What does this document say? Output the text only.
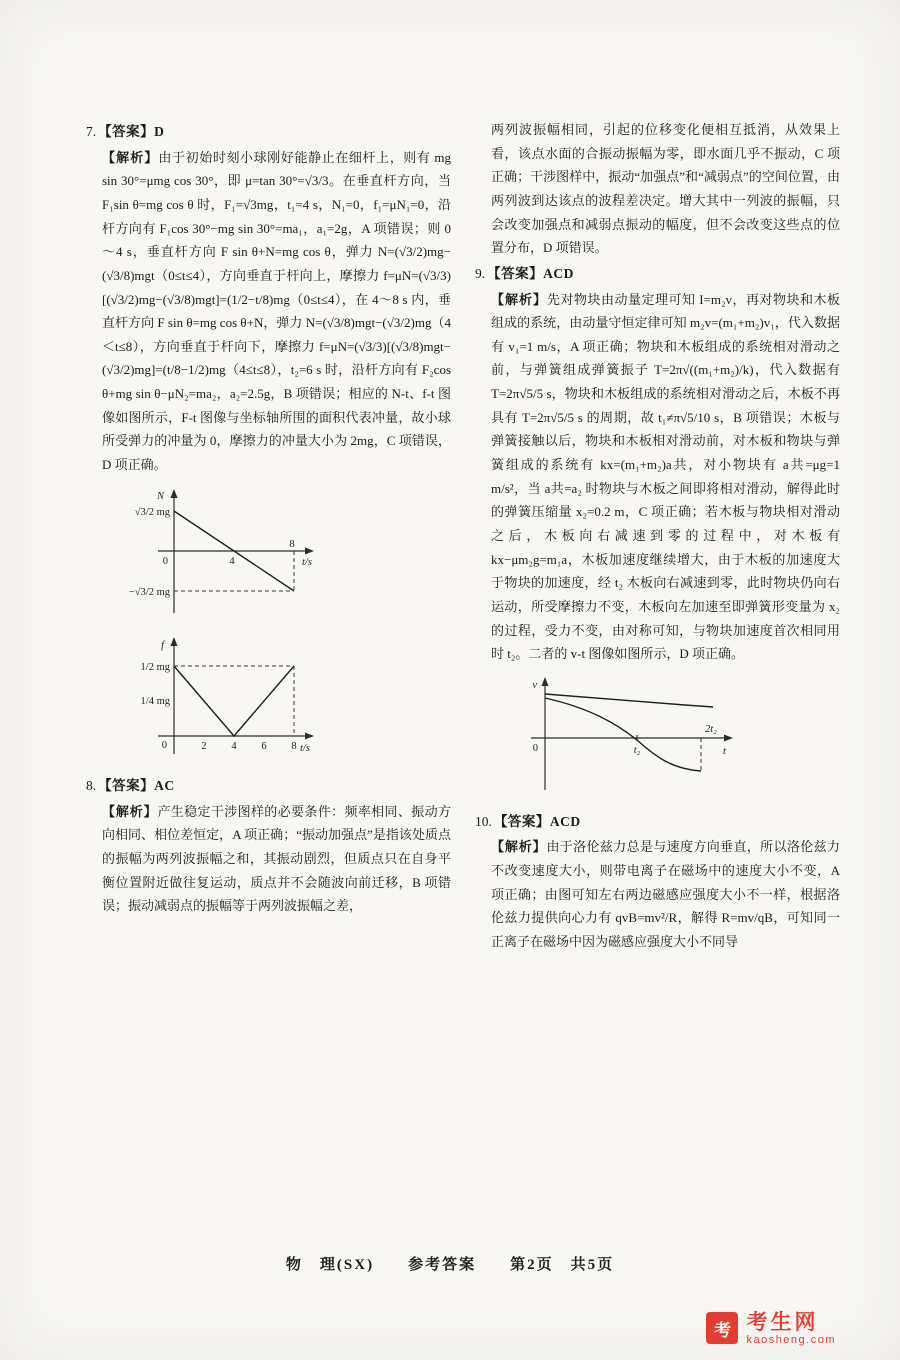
7. 【答案】D

【解析】由于初始时刻小球刚好能静止在细杆上，则有 mg sin 30°=μmg cos 30°，即 μ=tan 30°=√3/3。在垂直杆方向，当 F₁sin θ=mg cos θ 时，F₁=√3mg，t₁=4 s，N₁=0，f₁=μN₁=0，沿杆方向有 F₁cos 30°−mg sin 30°=ma₁，a₁=2g，A 项错误；则 0～4 s，垂直杆方向 F sin θ+N=mg cos θ，弹力 N=(√3/2)mg−(√3/8)mgt（0≤t≤4），方向垂直于杆向上，摩擦力 f=μN=(√3/3)[(√3/2)mg−(√3/8)mgt]=(1/2−t/8)mg（0≤t≤4），在 4～8 s 内，垂直杆方向 F sin θ=mg cos θ+N，弹力 N=(√3/8)mgt−(√3/2)mg（4＜t≤8），方向垂直于杆向下，摩擦力 f=μN=(√3/3)[(√3/8)mgt−(√3/2)mg]=(t/8−1/2)mg（4≤t≤8），t₂=6 s 时，沿杆方向有 F₂cos θ+mg sin θ−μN₂=ma₂，a₂=2.5g，B 项错误；相应的 N-t、f-t 图像如图所示，F-t 图像与坐标轴所围的面积代表冲量，故小球所受弹力的冲量为 0，摩擦力的冲量大小为 2mg，C 项错误，D 项正确。

N
√3/2 mg
0
−√3/2 mg
4
8
t/s
f
1/2 mg
1/4 mg
0	2 4 6 8 t/s
8. 【答案】AC

【解析】产生稳定干涉图样的必要条件：频率相同、振动方向相同、相位差恒定，A 项正确；“振动加强点”是指该处质点的振幅为两列波振幅之和，其振动剧烈，但质点只在自身平衡位置附近做往复运动，质点并不会随波向前迁移，B 项错误；振动减弱点的振幅等于两列波振幅之差，

两列波振幅相同，引起的位移变化便相互抵消，从效果上看，该点水面的合振动振幅为零，即水面几乎不振动，C 项正确；干涉图样中，振动“加强点”和“减弱点”的空间位置，由两列波到达该点的波程差决定。增大其中一列波的振幅，只会改变加强点和减弱点振动的幅度，但不会改变这些点的位置分布，D 项错误。

9. 【答案】ACD

【解析】先对物块由动量定理可知 I=m₂v，再对物块和木板组成的系统，由动量守恒定律可知 m₂v=(m₁+m₂)v₁，代入数据有 v₁=1 m/s，A 项正确；物块和木板组成的系统相对滑动之前，与弹簧组成弹簧振子 T=2π√((m₁+m₂)/k)，代入数据有 T=2π√5/5 s，物块和木板组成的系统相对滑动之后，木板不再具有 T=2π√5/5 s 的周期，故 t₁≠π√5/10 s，B 项错误；木板与弹簧接触以后，物块和木板相对滑动前，对木板和物块与弹簧组成的系统有 kx=(m₁+m₂)a共，对小物块有 a共=μg=1 m/s²，当 a共=a₂ 时物块与木板之间即将相对滑动，解得此时的弹簧压缩量 x₂=0.2 m，C 项正确；若木板与物块相对滑动之后，木板向右减速到零的过程中，对木板有 kx−μm₂g=m₁a，木板加速度继续增大，由于木板的加速度大于物块的加速度，经 t₂ 木板向右减速到零，此时物块仍向右运动，所受摩擦力不变，木板向左加速至即弹簧形变量为 x₂ 的过程，受力不变，由对称可知，与物块加速度首次相同用时 t₂。二者的 v-t 图像如图所示，D 项正确。

v
0	t₂
2t₂
t
10. 【答案】ACD

【解析】由于洛伦兹力总是与速度方向垂直，所以洛伦兹力不改变速度大小，则带电离子在磁场中的速度大小不变，A 项正确；由图可知左右两边磁感应强度大小不一样，根据洛伦兹力提供向心力有 qvB=mv²/R，解得 R=mv/qB，可知同一正离子在磁场中因为磁感应强度大小不同导

物　理(SX)　　参考答案　　第2页　共5页
考 考生网
kaosheng.com
